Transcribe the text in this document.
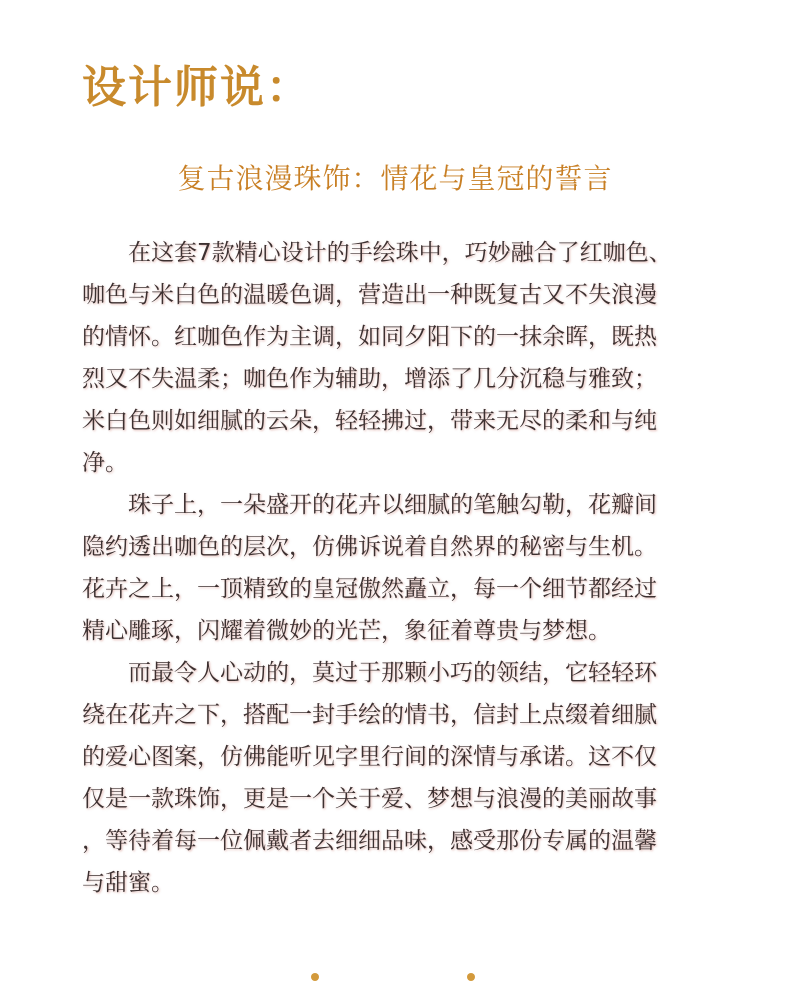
设计师说：
复古浪漫珠饰：情花与皇冠的誓言
在这套7款精心设计的手绘珠中，巧妙融合了红咖色、
咖色与米白色的温暖色调，营造出一种既复古又不失浪漫
的情怀。红咖色作为主调，如同夕阳下的一抹余晖，既热
烈又不失温柔；咖色作为辅助，增添了几分沉稳与雅致；
米白色则如细腻的云朵，轻轻拂过，带来无尽的柔和与纯
净。
珠子上，一朵盛开的花卉以细腻的笔触勾勒，花瓣间
隐约透出咖色的层次，仿佛诉说着自然界的秘密与生机。
花卉之上，一顶精致的皇冠傲然矗立，每一个细节都经过
精心雕琢，闪耀着微妙的光芒，象征着尊贵与梦想。
而最令人心动的，莫过于那颗小巧的领结，它轻轻环
绕在花卉之下，搭配一封手绘的情书，信封上点缀着细腻
的爱心图案，仿佛能听见字里行间的深情与承诺。这不仅
仅是一款珠饰，更是一个关于爱、梦想与浪漫的美丽故事
，等待着每一位佩戴者去细细品味，感受那份专属的温馨
与甜蜜。
